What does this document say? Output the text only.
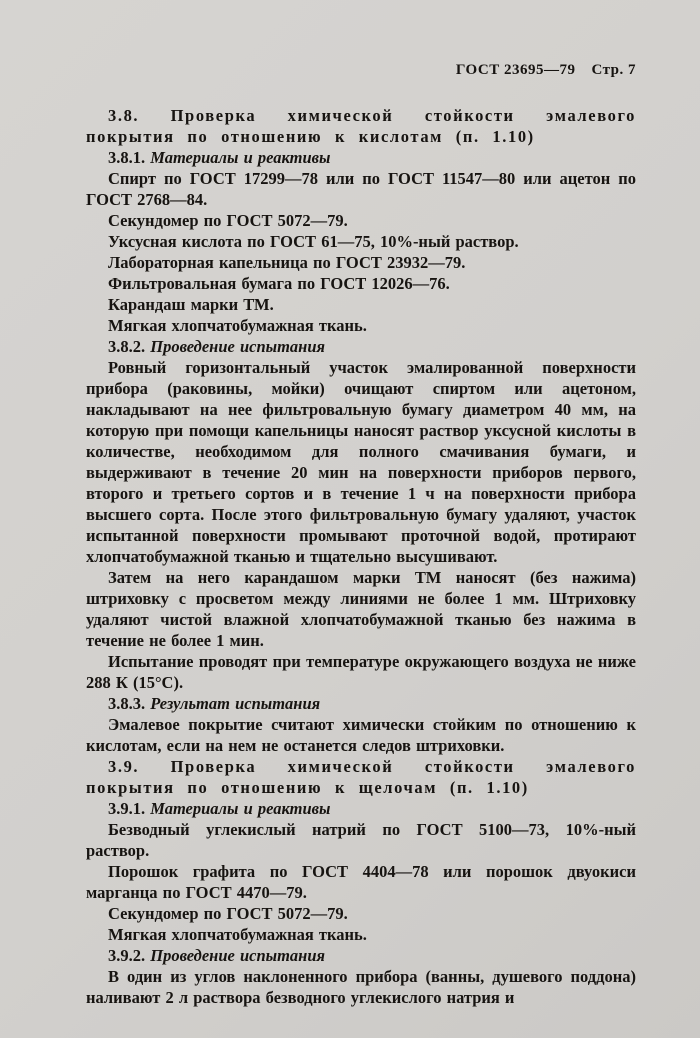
ГОСТ 23695—79 Стр. 7

3.8. Проверка химической стойкости эмалевого покрытия по отношению к кислотам (п. 1.10)

3.8.1. Материалы и реактивы

Спирт по ГОСТ 17299—78 или по ГОСТ 11547—80 или ацетон по ГОСТ 2768—84.

Секундомер по ГОСТ 5072—79.

Уксусная кислота по ГОСТ 61—75, 10%-ный раствор.

Лабораторная капельница по ГОСТ 23932—79.

Фильтровальная бумага по ГОСТ 12026—76.

Карандаш марки ТМ.

Мягкая хлопчатобумажная ткань.

3.8.2. Проведение испытания

Ровный горизонтальный участок эмалированной поверхности прибора (раковины, мойки) очищают спиртом или ацетоном, накладывают на нее фильтровальную бумагу диаметром 40 мм, на которую при помощи капельницы наносят раствор уксусной кислоты в количестве, необходимом для полного смачивания бумаги, и выдерживают в течение 20 мин на поверхности приборов первого, второго и третьего сортов и в течение 1 ч на поверхности прибора высшего сорта. После этого фильтровальную бумагу удаляют, участок испытанной поверхности промывают проточной водой, протирают хлопчатобумажной тканью и тщательно высушивают.

Затем на него карандашом марки ТМ наносят (без нажима) штриховку с просветом между линиями не более 1 мм. Штриховку удаляют чистой влажной хлопчатобумажной тканью без нажима в течение не более 1 мин.

Испытание проводят при температуре окружающего воздуха не ниже 288 К (15°С).

3.8.3. Результат испытания

Эмалевое покрытие считают химически стойким по отношению к кислотам, если на нем не останется следов штриховки.

3.9. Проверка химической стойкости эмалевого покрытия по отношению к щелочам (п. 1.10)

3.9.1. Материалы и реактивы

Безводный углекислый натрий по ГОСТ 5100—73, 10%-ный раствор.

Порошок графита по ГОСТ 4404—78 или порошок двуокиси марганца по ГОСТ 4470—79.

Секундомер по ГОСТ 5072—79.

Мягкая хлопчатобумажная ткань.

3.9.2. Проведение испытания

В один из углов наклоненного прибора (ванны, душевого поддона) наливают 2 л раствора безводного углекислого натрия и
